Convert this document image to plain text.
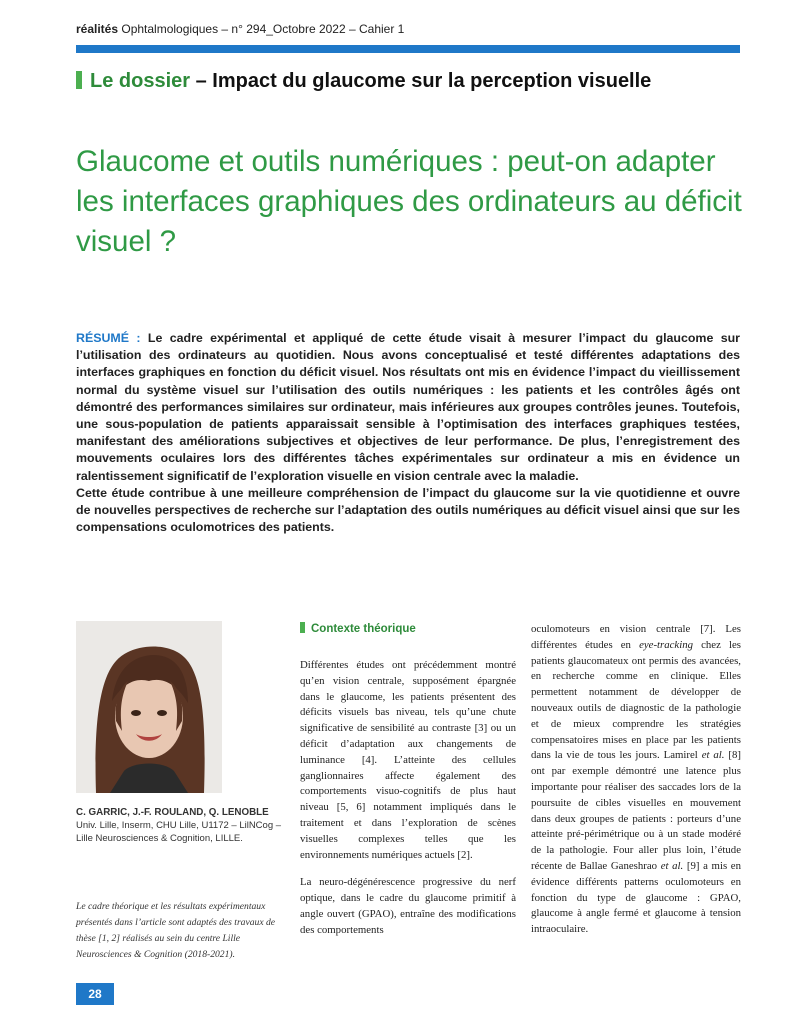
réalités Ophtalmologiques – n° 294_Octobre 2022 – Cahier 1
Le dossier – Impact du glaucome sur la perception visuelle
Glaucome et outils numériques : peut-on adapter les interfaces graphiques des ordinateurs au déficit visuel ?

RÉSUMÉ : Le cadre expérimental et appliqué de cette étude visait à mesurer l’impact du glaucome sur l’utilisation des ordinateurs au quotidien. Nous avons conceptualisé et testé différentes adaptations des interfaces graphiques en fonction du déficit visuel. Nos résultats ont mis en évidence l’impact du vieillissement normal du système visuel sur l’utilisation des outils numériques : les patients et les contrôles âgés ont démontré des performances similaires sur ordinateur, mais inférieures aux groupes contrôles jeunes. Toutefois, une sous-population de patients apparaissait sensible à l’optimisation des interfaces graphiques testées, manifestant des améliorations subjectives et objectives de leur performance. De plus, l’enregistrement des mouvements oculaires lors des différentes tâches expérimentales sur ordinateur a mis en évidence un ralentissement significatif de l’exploration visuelle en vision centrale avec la maladie.

Cette étude contribue à une meilleure compréhension de l’impact du glaucome sur la vie quotidienne et ouvre de nouvelles perspectives de recherche sur l’adaptation des outils numériques au déficit visuel ainsi que sur les compensations oculomotrices des patients.

C. GARRIC, J.-F. ROULAND, Q. LENOBLE
Univ. Lille, Inserm, CHU Lille, U1172 – LilNCog – Lille Neurosciences & Cognition, LILLE.
Le cadre théorique et les résultats expérimentaux présentés dans l’article sont adaptés des travaux de thèse [1, 2] réalisés au sein du centre Lille Neurosciences & Cognition (2018-2021).
Contexte théorique

Différentes études ont précédemment montré qu’en vision centrale, supposément épargnée dans le glaucome, les patients présentent des déficits visuels bas niveau, tels qu’une chute significative de sensibilité au contraste [3] ou un déficit d’adaptation aux changements de luminance [4]. L’atteinte des cellules ganglionnaires affecte également des comportements visuo-cognitifs de plus haut niveau [5, 6] notamment impliqués dans le traitement et dans l’exploration de scènes visuelles complexes telles que les environnements numériques actuels [2].

La neuro-dégénérescence progressive du nerf optique, dans le cadre du glaucome primitif à angle ouvert (GPAO), entraîne des modifications des comportements

oculomoteurs en vision centrale [7]. Les différentes études en eye-tracking chez les patients glaucomateux ont permis des avancées, en recherche comme en clinique. Elles permettent notamment de développer de nouveaux outils de diagnostic de la pathologie et de mieux comprendre les stratégies compensatoires mises en place par les patients dans la vie de tous les jours. Lamirel et al. [8] ont par exemple démontré une latence plus importante pour réaliser des saccades lors de la poursuite de cibles visuelles en mouvement dans deux groupes de patients : porteurs d’une atteinte pré-périmétrique ou à un stade modéré de la pathologie. Four aller plus loin, l’étude récente de Ballae Ganeshrao et al. [9] a mis en évidence différents patterns oculomoteurs en fonction du type de glaucome : GPAO, glaucome à angle fermé et glaucome à tension intraoculaire.

28
